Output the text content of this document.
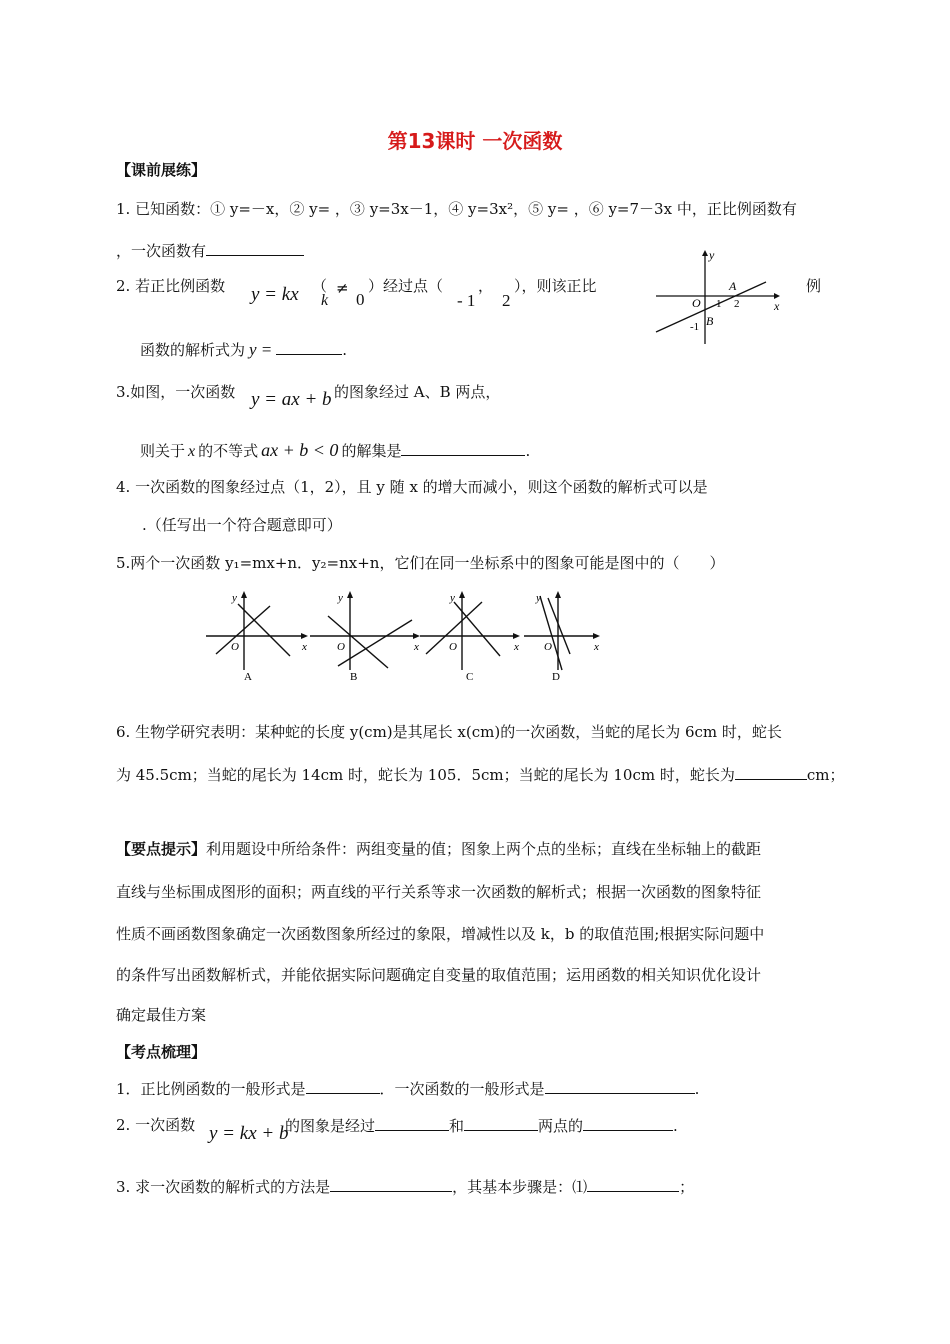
第13课时 一次函数
【课前展练】
1. 已知函数：① y=－x，② y= ，③ y=3x－1，④ y=3x²，⑤ y= ，⑥ y=7－3x 中，正比例函数有
，一次函数有
2. 若正比例函数 y = kx （
k
≠
0
）经过点（
- 1
，
2
），则该正比	例
函数的解析式为 y =	.
y
x
O 1 2
A
B
-1
3.如图，一次函数 y = ax + b 的图象经过 A、B 两点，
则关于 x 的不等式 ax + b < 0 的解集是	.
4. 一次函数的图象经过点（1，2），且 y 随 x 的增大而减小，则这个函数的解析式可以是
.（任写出一个符合题意即可）
5.两个一次函数 y₁=mx+n．y₂=nx+n，它们在同一坐标系中的图象可能是图中的（　　）
y
O	x
A
y
O	x
B
y
O	x
C
y
O	x
D
6. 生物学研究表明：某种蛇的长度 y(cm)是其尾长 x(cm)的一次函数，当蛇的尾长为 6cm 时，蛇长
为 45.5cm；当蛇的尾长为 14cm 时，蛇长为 105．5cm；当蛇的尾长为 10cm 时，蛇长为	cm；
【要点提示】利用题设中所给条件：两组变量的值；图象上两个点的坐标；直线在坐标轴上的截距
直线与坐标围成图形的面积；两直线的平行关系等求一次函数的解析式；根据一次函数的图象特征
性质不画函数图象确定一次函数图象所经过的象限，增减性以及 k，b 的取值范围;根据实际问题中
的条件写出函数解析式，并能依据实际问题确定自变量的取值范围；运用函数的相关知识优化设计
确定最佳方案
【考点梳理】
1．正比例函数的一般形式是	．一次函数的一般形式是	.
2. 一次函数 y = kx + b
的图象是经过	和	两点的	.
3. 求一次函数的解析式的方法是	，其基本步骤是：⑴	；
